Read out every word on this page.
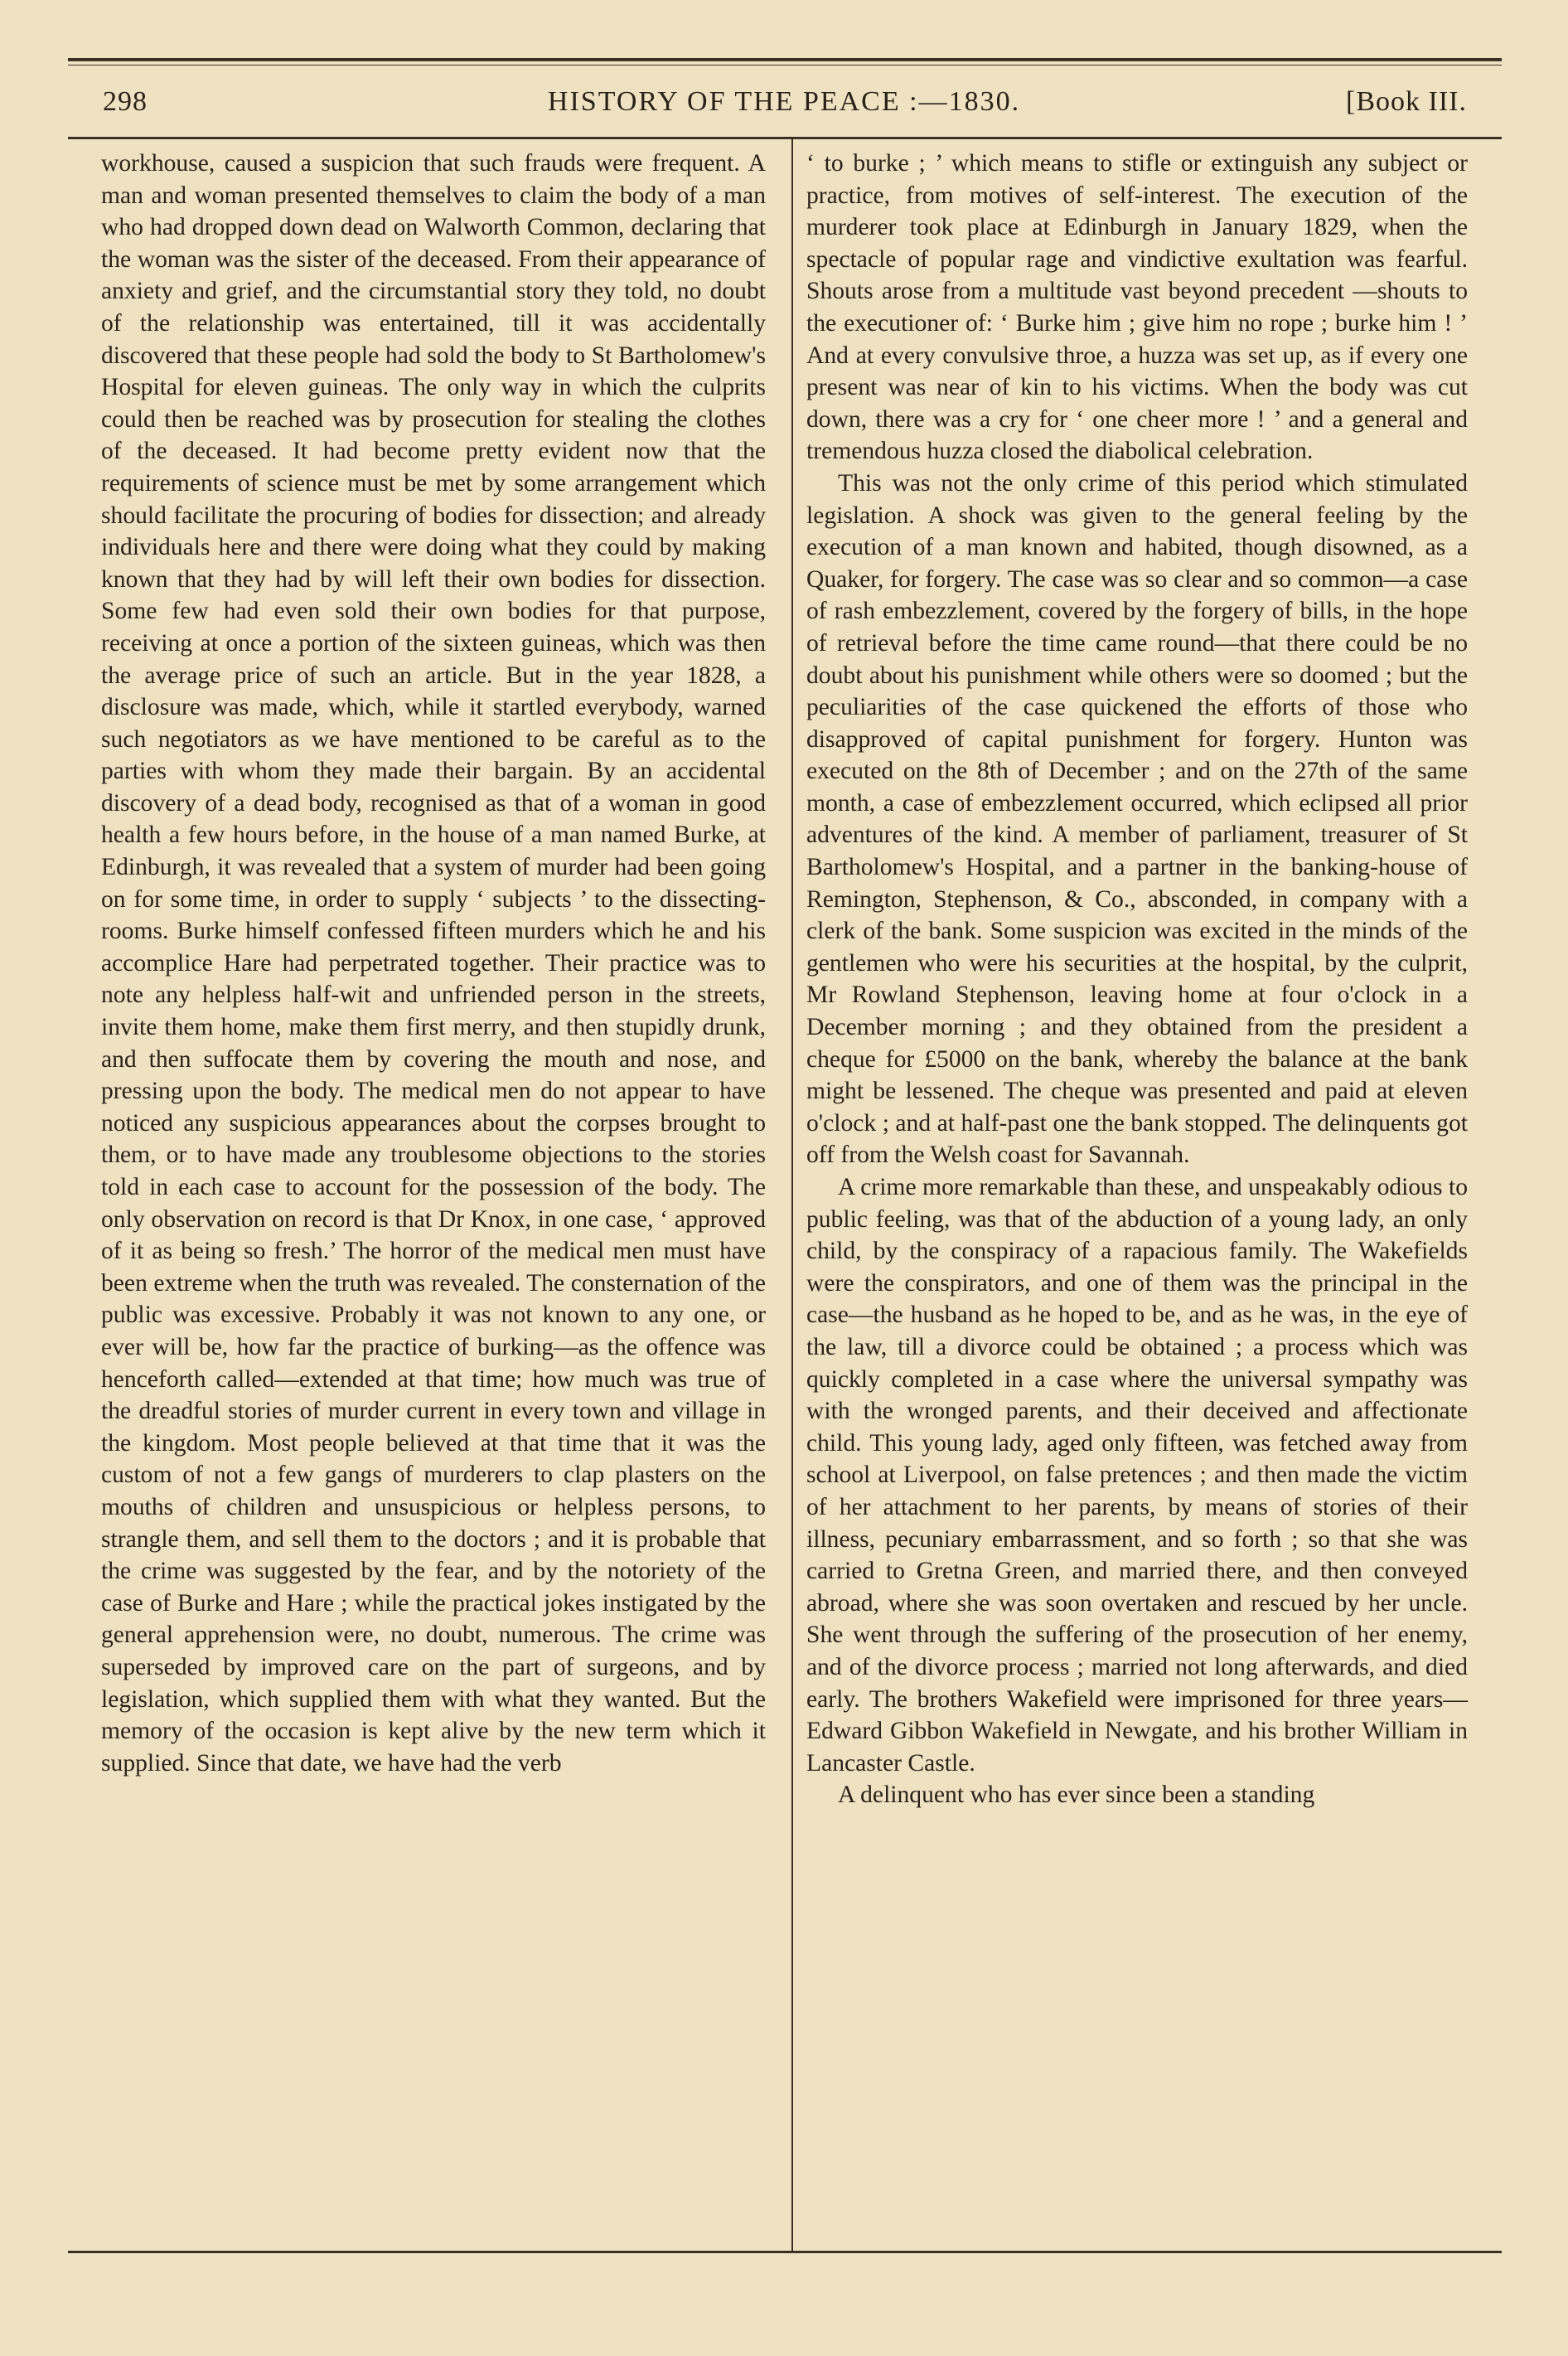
298	HISTORY OF THE PEACE :—1830.	[Book III.

workhouse, caused a suspicion that such frauds were frequent. A man and woman presented themselves to claim the body of a man who had dropped down dead on Walworth Common, declaring that the woman was the sister of the deceased. From their appearance of anxiety and grief, and the circumstantial story they told, no doubt of the relationship was entertained, till it was accidentally discovered that these people had sold the body to St Bartholomew's Hospital for eleven guineas. The only way in which the culprits could then be reached was by prosecution for stealing the clothes of the deceased. It had become pretty evident now that the requirements of science must be met by some arrangement which should facilitate the procuring of bodies for dissection; and already individuals here and there were doing what they could by making known that they had by will left their own bodies for dissection. Some few had even sold their own bodies for that purpose, receiving at once a portion of the sixteen guineas, which was then the average price of such an article. But in the year 1828, a disclosure was made, which, while it startled everybody, warned such negotiators as we have mentioned to be careful as to the parties with whom they made their bargain. By an accidental discovery of a dead body, recognised as that of a woman in good health a few hours before, in the house of a man named Burke, at Edinburgh, it was revealed that a system of murder had been going on for some time, in order to supply ‘ subjects ’ to the dissecting-rooms. Burke himself confessed fifteen murders which he and his accomplice Hare had perpetrated together. Their practice was to note any helpless half-wit and unfriended person in the streets, invite them home, make them first merry, and then stupidly drunk, and then suffocate them by covering the mouth and nose, and pressing upon the body. The medical men do not appear to have noticed any suspicious appearances about the corpses brought to them, or to have made any troublesome objections to the stories told in each case to account for the possession of the body. The only observation on record is that Dr Knox, in one case, ‘ approved of it as being so fresh.’ The horror of the medical men must have been extreme when the truth was revealed. The consternation of the public was excessive. Probably it was not known to any one, or ever will be, how far the practice of burking—as the offence was henceforth called—extended at that time; how much was true of the dreadful stories of murder current in every town and village in the kingdom. Most people believed at that time that it was the custom of not a few gangs of murderers to clap plasters on the mouths of children and unsuspicious or helpless persons, to strangle them, and sell them to the doctors ; and it is probable that the crime was suggested by the fear, and by the notoriety of the case of Burke and Hare ; while the practical jokes instigated by the general apprehension were, no doubt, numerous. The crime was superseded by improved care on the part of surgeons, and by legislation, which supplied them with what they wanted. But the memory of the occasion is kept alive by the new term which it supplied. Since that date, we have had the verb

‘ to burke ; ’ which means to stifle or extinguish any subject or practice, from motives of self-interest. The execution of the murderer took place at Edinburgh in January 1829, when the spectacle of popular rage and vindictive exultation was fearful. Shouts arose from a multitude vast beyond precedent —shouts to the executioner of: ‘ Burke him ; give him no rope ; burke him ! ’ And at every convulsive throe, a huzza was set up, as if every one present was near of kin to his victims. When the body was cut down, there was a cry for ‘ one cheer more ! ’ and a general and tremendous huzza closed the diabolical celebration.

This was not the only crime of this period which stimulated legislation. A shock was given to the general feeling by the execution of a man known and habited, though disowned, as a Quaker, for forgery. The case was so clear and so common—a case of rash embezzlement, covered by the forgery of bills, in the hope of retrieval before the time came round—that there could be no doubt about his punishment while others were so doomed ; but the peculiarities of the case quickened the efforts of those who disapproved of capital punishment for forgery. Hunton was executed on the 8th of December ; and on the 27th of the same month, a case of embezzlement occurred, which eclipsed all prior adventures of the kind. A member of parliament, treasurer of St Bartholomew's Hospital, and a partner in the banking-house of Remington, Stephenson, & Co., absconded, in company with a clerk of the bank. Some suspicion was excited in the minds of the gentlemen who were his securities at the hospital, by the culprit, Mr Rowland Stephenson, leaving home at four o'clock in a December morning ; and they obtained from the president a cheque for £5000 on the bank, whereby the balance at the bank might be lessened. The cheque was presented and paid at eleven o'clock ; and at half-past one the bank stopped. The delinquents got off from the Welsh coast for Savannah.

A crime more remarkable than these, and unspeakably odious to public feeling, was that of the abduction of a young lady, an only child, by the conspiracy of a rapacious family. The Wakefields were the conspirators, and one of them was the principal in the case—the husband as he hoped to be, and as he was, in the eye of the law, till a divorce could be obtained ; a process which was quickly completed in a case where the universal sympathy was with the wronged parents, and their deceived and affectionate child. This young lady, aged only fifteen, was fetched away from school at Liverpool, on false pretences ; and then made the victim of her attachment to her parents, by means of stories of their illness, pecuniary embarrassment, and so forth ; so that she was carried to Gretna Green, and married there, and then conveyed abroad, where she was soon overtaken and rescued by her uncle. She went through the suffering of the prosecution of her enemy, and of the divorce process ; married not long afterwards, and died early. The brothers Wakefield were imprisoned for three years—Edward Gibbon Wakefield in Newgate, and his brother William in Lancaster Castle.

A delinquent who has ever since been a standing
